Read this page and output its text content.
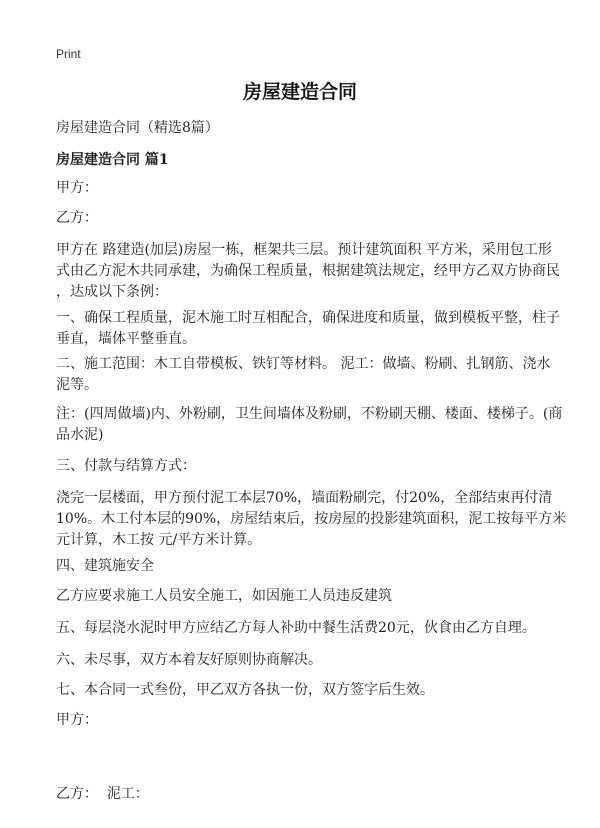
Print
房屋建造合同
房屋建造合同（精选8篇）
房屋建造合同 篇1
甲方：
乙方：
甲方在 路建造(加层)房屋一栋，框架共三层。预计建筑面积 平方米，采用包工形
式由乙方泥木共同承建，为确保工程质量，根据建筑法规定，经甲方乙双方协商民
，达成以下条例：
一、确保工程质量，泥木施工时互相配合，确保进度和质量，做到模板平整，柱子
垂直，墙体平整垂直。
二、施工范围：木工自带模板、铁钉等材料。 泥工：做墙、粉刷、扎钢筋、浇水
泥等。
注：(四周做墙)内、外粉刷，卫生间墙体及粉刷，不粉刷天棚、楼面、楼梯子。(商
品水泥)
三、付款与结算方式：
浇完一层楼面，甲方预付泥工本层70%，墙面粉刷完，付20%，全部结束再付清
10%。木工付本层的90%，房屋结束后，按房屋的投影建筑面积，泥工按每平方米
元计算，木工按 元/平方米计算。
四、建筑施安全
乙方应要求施工人员安全施工，如因施工人员违反建筑
五、每层浇水泥时甲方应结乙方每人补助中餐生活费20元，伙食由乙方自理。
六、未尽事，双方本着友好原则协商解决。
七、本合同一式叁份，甲乙双方各执一份，双方签字后生效。
甲方：

乙方：  泥工：
